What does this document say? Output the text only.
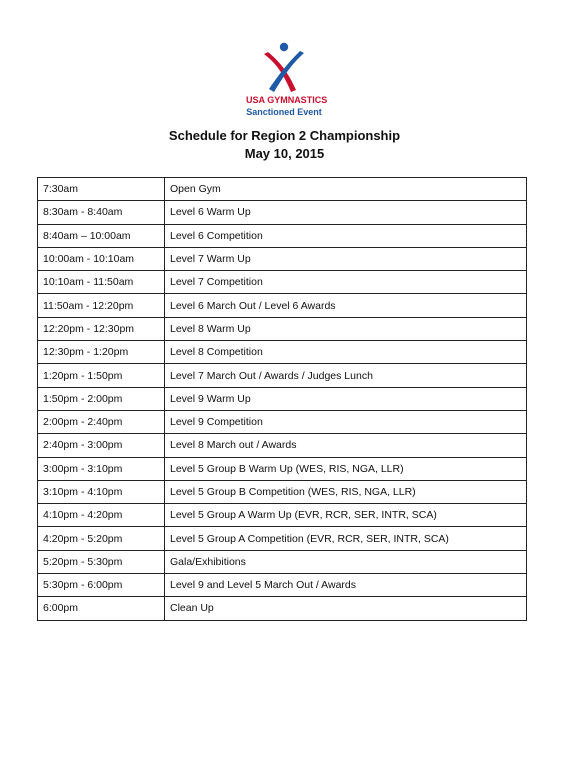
USA GYMNASTICS
Sanctioned Event
Schedule for Region 2 Championship
May 10, 2015
7:30am	Open Gym
8:30am - 8:40am	Level 6 Warm Up
8:40am – 10:00am	Level 6 Competition
10:00am - 10:10am	Level 7 Warm Up
10:10am - 11:50am	Level 7 Competition
11:50am - 12:20pm	Level 6 March Out / Level 6 Awards
12:20pm - 12:30pm	Level 8 Warm Up
12:30pm - 1:20pm	Level 8 Competition
1:20pm - 1:50pm	Level 7 March Out / Awards / Judges Lunch
1:50pm - 2:00pm	Level 9 Warm Up
2:00pm - 2:40pm	Level 9 Competition
2:40pm - 3:00pm	Level 8 March out / Awards
3:00pm - 3:10pm	Level 5 Group B Warm Up (WES, RIS, NGA, LLR)
3:10pm - 4:10pm	Level 5 Group B Competition (WES, RIS, NGA, LLR)
4:10pm - 4:20pm	Level 5 Group A Warm Up (EVR, RCR, SER, INTR, SCA)
4:20pm - 5:20pm	Level 5 Group A Competition (EVR, RCR, SER, INTR, SCA)
5:20pm - 5:30pm	Gala/Exhibitions
5:30pm - 6:00pm	Level 9 and Level 5 March Out / Awards
6:00pm	Clean Up
